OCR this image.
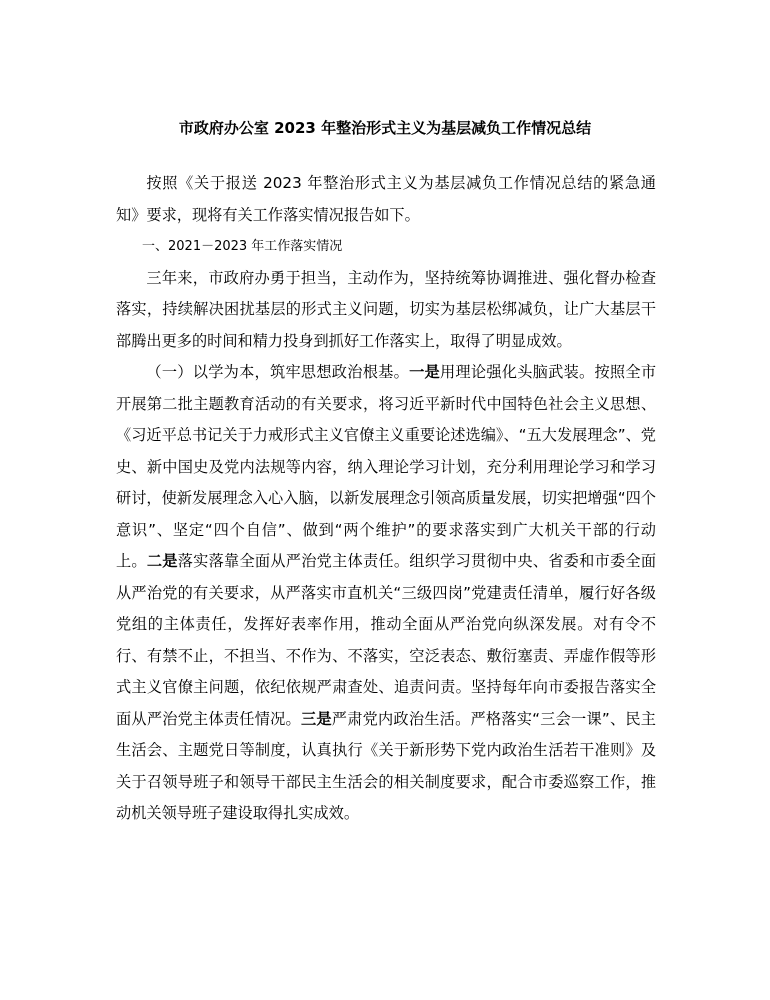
市政府办公室 2023 年整治形式主义为基层减负工作情况总结

按照《关于报送 2023 年整治形式主义为基层减负工作情况总结的紧急通知》要求，现将有关工作落实情况报告如下。

一、2021－2023 年工作落实情况

三年来，市政府办勇于担当，主动作为，坚持统筹协调推进、强化督办检查落实，持续解决困扰基层的形式主义问题，切实为基层松绑减负，让广大基层干部腾出更多的时间和精力投身到抓好工作落实上，取得了明显成效。

（一）以学为本，筑牢思想政治根基。一是用理论强化头脑武装。按照全市开展第二批主题教育活动的有关要求，将习近平新时代中国特色社会主义思想、《习近平总书记关于力戒形式主义官僚主义重要论述选编》、“五大发展理念”、党史、新中国史及党内法规等内容，纳入理论学习计划，充分利用理论学习和学习研讨，使新发展理念入心入脑，以新发展理念引领高质量发展，切实把增强“四个意识”、坚定“四个自信”、做到“两个维护”的要求落实到广大机关干部的行动上。二是落实落靠全面从严治党主体责任。组织学习贯彻中央、省委和市委全面从严治党的有关要求，从严落实市直机关“三级四岗”党建责任清单，履行好各级党组的主体责任，发挥好表率作用，推动全面从严治党向纵深发展。对有令不行、有禁不止，不担当、不作为、不落实，空泛表态、敷衍塞责、弄虚作假等形式主义官僚主问题，依纪依规严肃查处、追责问责。坚持每年向市委报告落实全面从严治党主体责任情况。三是严肃党内政治生活。严格落实“三会一课”、民主生活会、主题党日等制度，认真执行《关于新形势下党内政治生活若干准则》及关于召领导班子和领导干部民主生活会的相关制度要求，配合市委巡察工作，推动机关领导班子建设取得扎实成效。
